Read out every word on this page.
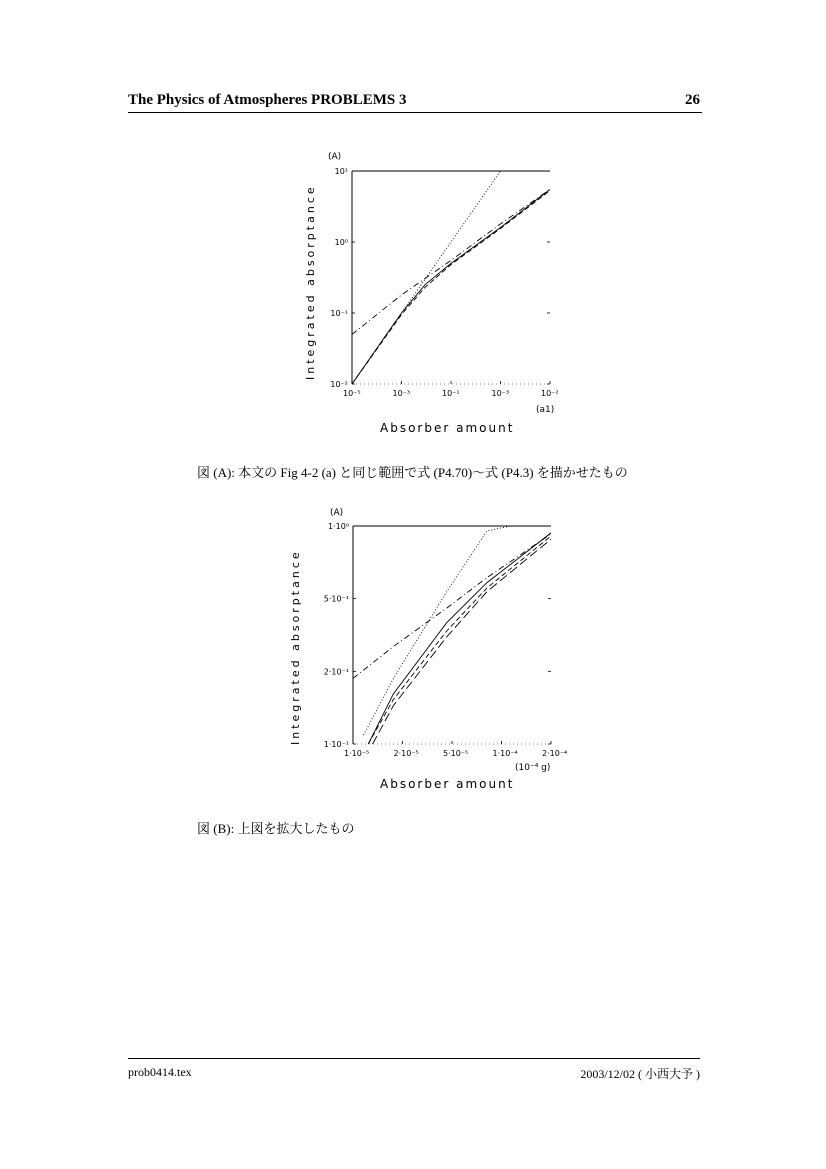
The Physics of Atmospheres PROBLEMS 3	26
(A)
Integrated absorptance
10⁻⁵	10⁻³	10⁻¹	10⁻³	10⁻²
10¹
10⁰
10⁻¹
10⁻²
(a1)
Absorber amount
図 (A): 本文の Fig 4-2 (a) と同じ範囲で式 (P4.70)〜式 (P4.3) を描かせたもの
(A)
Integrated absorptance
1·10⁻⁵	2·10⁻⁵	5·10⁻⁵	1·10⁻⁴	2·10⁻⁴
1·10⁰
5·10⁻¹
2·10⁻¹
1·10⁻¹
(10⁻⁴ g)
Absorber amount
図 (B): 上図を拡大したもの
prob0414.tex	2003/12/02 ( 小西大予 )
